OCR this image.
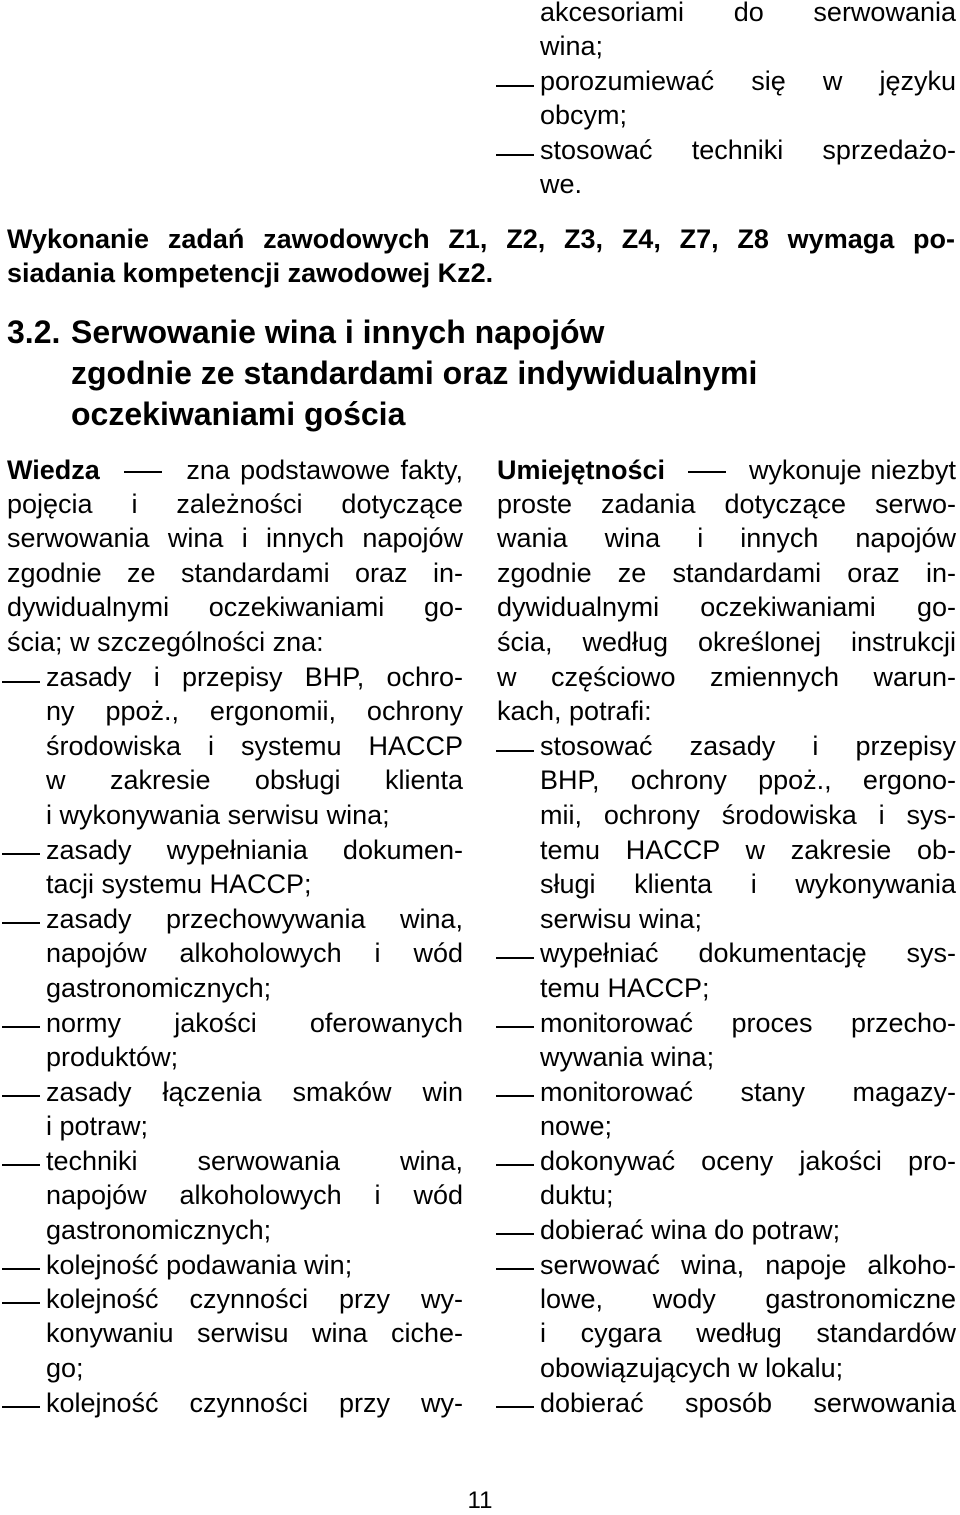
akcesoriami do serwowania
wina;
porozumiewać się w języku
obcym;
stosować techniki sprzedażo-
we.
Wykonanie zadań zawodowych Z1, Z2, Z3, Z4, Z7, Z8 wymaga po-
siadania kompetencji zawodowej Kz2.
3.2. Serwowanie wina i innych napojów
zgodnie ze standardami oraz indywidualnymi
oczekiwaniami gościa
Wiedza	zna podstawowe fakty,
pojęcia i zależności dotyczące
serwowania wina i innych napojów
zgodnie ze standardami oraz in-
dywidualnymi oczekiwaniami go-
ścia; w szczególności zna:
zasady i przepisy BHP, ochro-
ny ppoż., ergonomii, ochrony
środowiska i systemu HACCP
w zakresie obsługi klienta
i wykonywania serwisu wina;
zasady wypełniania dokumen-
tacji systemu HACCP;
zasady przechowywania wina,
napojów alkoholowych i wód
gastronomicznych;
normy jakości oferowanych
produktów;
zasady łączenia smaków win
i potraw;
techniki serwowania wina,
napojów alkoholowych i wód
gastronomicznych;
kolejność podawania win;
kolejność czynności przy wy-
konywaniu serwisu wina ciche-
go;
kolejność czynności przy wy-
Umiejętności	wykonuje niezbyt
proste zadania dotyczące serwo-
wania wina i innych napojów
zgodnie ze standardami oraz in-
dywidualnymi oczekiwaniami go-
ścia, według określonej instrukcji
w częściowo zmiennych warun-
kach, potrafi:
stosować zasady i przepisy
BHP, ochrony ppoż., ergono-
mii, ochrony środowiska i sys-
temu HACCP w zakresie ob-
sługi klienta i wykonywania
serwisu wina;
wypełniać dokumentację sys-
temu HACCP;
monitorować proces przecho-
wywania wina;
monitorować stany magazy-
nowe;
dokonywać oceny jakości pro-
duktu;
dobierać wina do potraw;
serwować wina, napoje alkoho-
lowe, wody gastronomiczne
i cygara według standardów
obowiązujących w lokalu;
dobierać sposób serwowania
11
